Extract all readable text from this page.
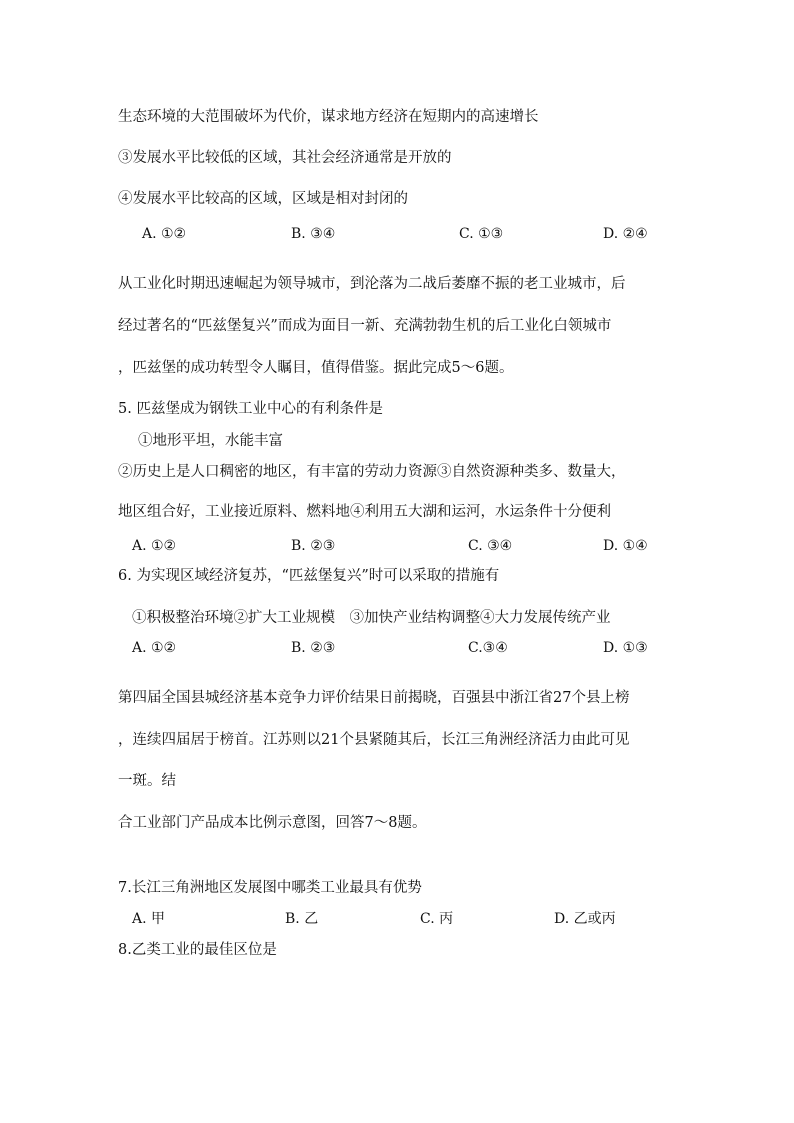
生态环境的大范围破坏为代价，谋求地方经济在短期内的高速增长
③发展水平比较低的区域，其社会经济通常是开放的
④发展水平比较高的区域，区域是相对封闭的
A. ①②	B. ③④	C. ①③	D. ②④
从工业化时期迅速崛起为领导城市，到沦落为二战后萎靡不振的老工业城市，后
经过著名的“匹兹堡复兴”而成为面目一新、充满勃勃生机的后工业化白领城市
，匹兹堡的成功转型令人瞩目，值得借鉴。据此完成5～6题。
5. 匹兹堡成为钢铁工业中心的有利条件是
①地形平坦，水能丰富
②历史上是人口稠密的地区，有丰富的劳动力资源③自然资源种类多、数量大，
地区组合好，工业接近原料、燃料地④利用五大湖和运河，水运条件十分便利
A. ①②	B. ②③	C. ③④	D. ①④
6. 为实现区域经济复苏，“匹兹堡复兴”时可以采取的措施有
①积极整治环境②扩大工业规模　③加快产业结构调整④大力发展传统产业
A. ①②	B. ②③	C.③④	D. ①③
第四届全国县城经济基本竞争力评价结果日前揭晓，百强县中浙江省27个县上榜
，连续四届居于榜首。江苏则以21个县紧随其后，长江三角洲经济活力由此可见
一斑。结
合工业部门产品成本比例示意图，回答7～8题。
7.长江三角洲地区发展图中哪类工业最具有优势
A. 甲	B. 乙	C. 丙	D. 乙或丙
8.乙类工业的最佳区位是
